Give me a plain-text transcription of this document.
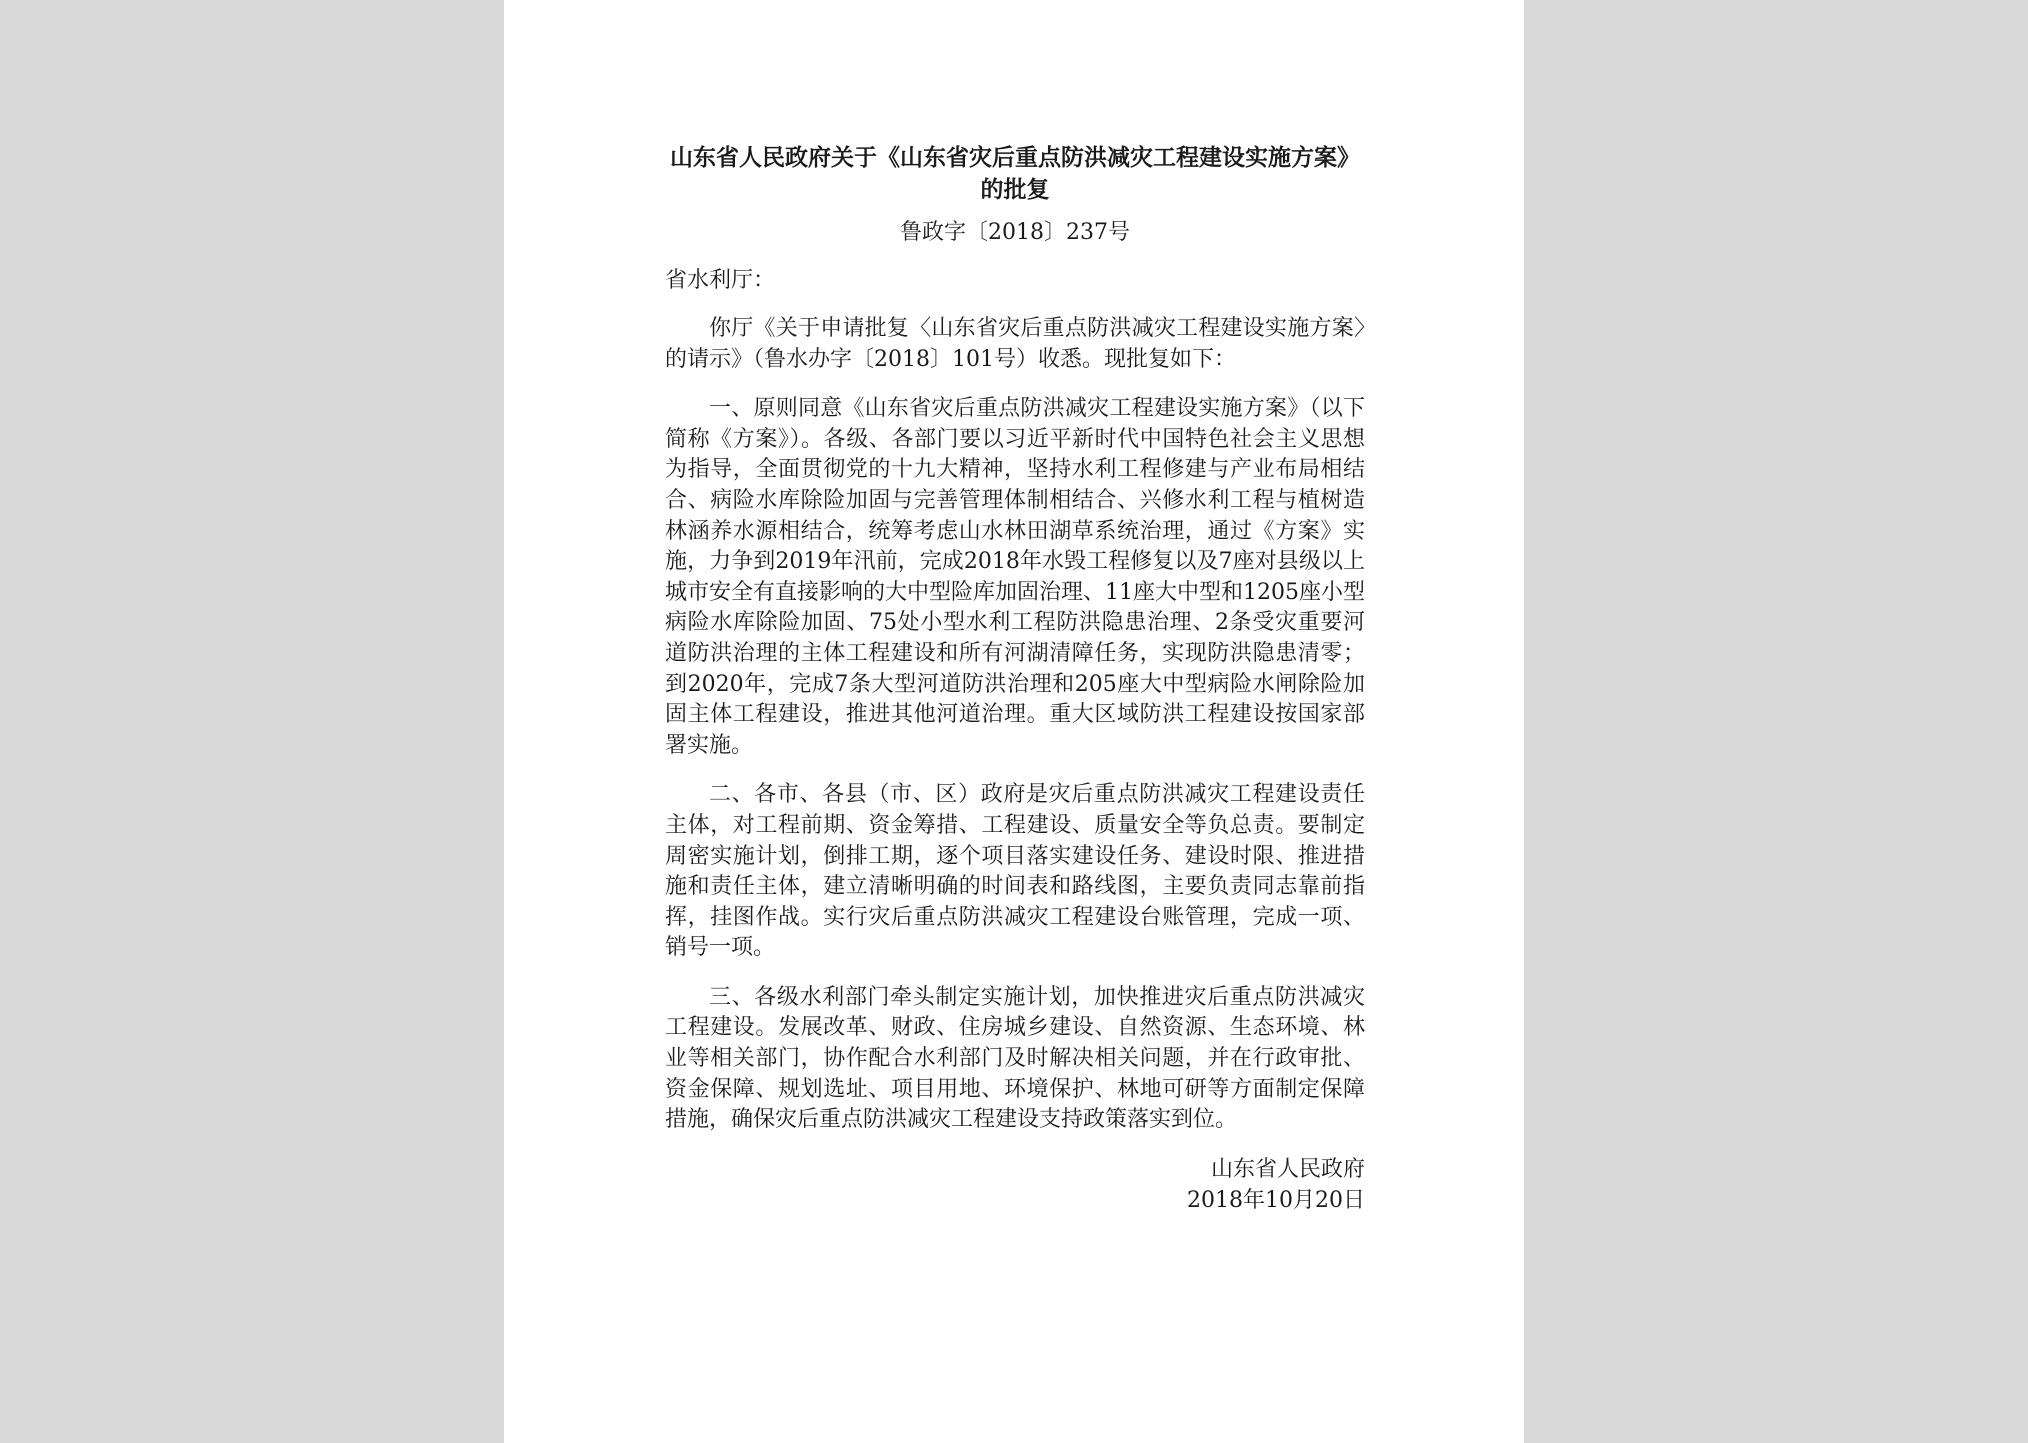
山东省人民政府关于《山东省灾后重点防洪减灾工程建设实施方案》的批复
鲁政字〔2018〕237号
省水利厅：

你厅《关于申请批复〈山东省灾后重点防洪减灾工程建设实施方案〉的请示》（鲁水办字〔2018〕101号）收悉。现批复如下：

一、原则同意《山东省灾后重点防洪减灾工程建设实施方案》（以下简称《方案》）。各级、各部门要以习近平新时代中国特色社会主义思想为指导，全面贯彻党的十九大精神，坚持水利工程修建与产业布局相结合、病险水库除险加固与完善管理体制相结合、兴修水利工程与植树造林涵养水源相结合，统筹考虑山水林田湖草系统治理，通过《方案》实施，力争到2019年汛前，完成2018年水毁工程修复以及7座对县级以上城市安全有直接影响的大中型险库加固治理、11座大中型和1205座小型病险水库除险加固、75处小型水利工程防洪隐患治理、2条受灾重要河道防洪治理的主体工程建设和所有河湖清障任务，实现防洪隐患清零；到2020年，完成7条大型河道防洪治理和205座大中型病险水闸除险加固主体工程建设，推进其他河道治理。重大区域防洪工程建设按国家部署实施。

二、各市、各县（市、区）政府是灾后重点防洪减灾工程建设责任主体，对工程前期、资金筹措、工程建设、质量安全等负总责。要制定周密实施计划，倒排工期，逐个项目落实建设任务、建设时限、推进措施和责任主体，建立清晰明确的时间表和路线图，主要负责同志靠前指挥，挂图作战。实行灾后重点防洪减灾工程建设台账管理，完成一项、销号一项。

三、各级水利部门牵头制定实施计划，加快推进灾后重点防洪减灾工程建设。发展改革、财政、住房城乡建设、自然资源、生态环境、林业等相关部门，协作配合水利部门及时解决相关问题，并在行政审批、资金保障、规划选址、项目用地、环境保护、林地可研等方面制定保障措施，确保灾后重点防洪减灾工程建设支持政策落实到位。

山东省人民政府
2018年10月20日
